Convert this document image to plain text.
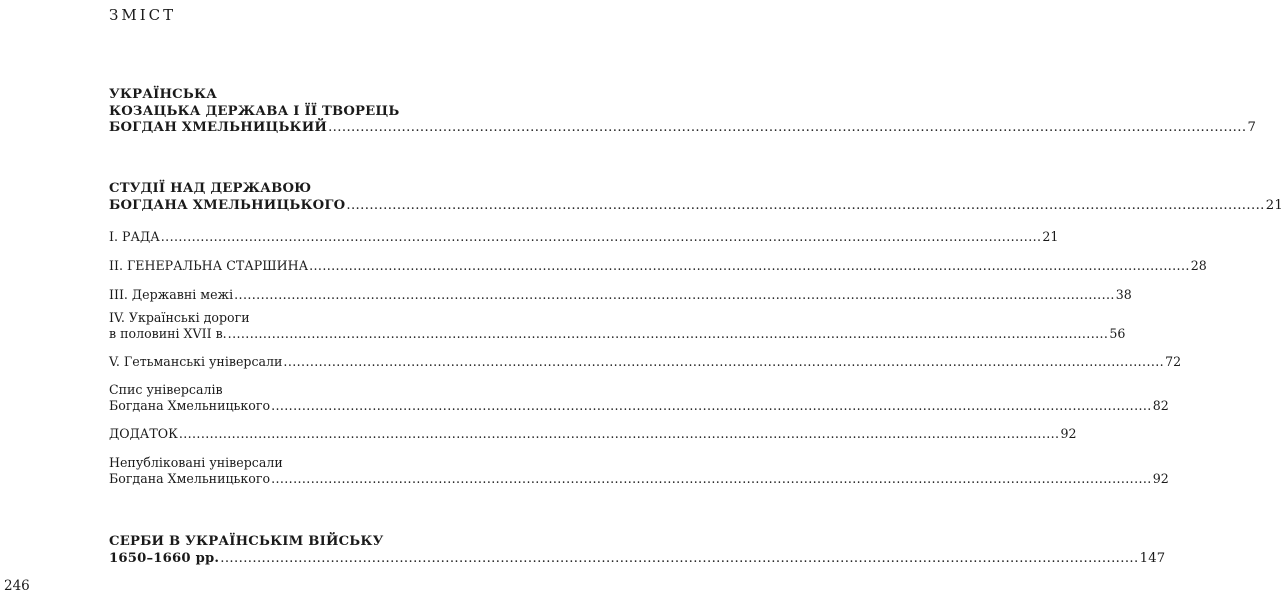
ЗМІСТ
УКРАЇНСЬКА
КОЗАЦЬКА ДЕРЖАВА І ЇЇ ТВОРЕЦЬ
БОГДАН ХМЕЛЬНИЦЬКИЙ ........................................................................................................................................................................................................ 7
СТУДІЇ НАД ДЕРЖАВОЮ
БОГДАНА ХМЕЛЬНИЦЬКОГО ........................................................................................................................................................................................................ 21
І. РАДА ........................................................................................................................................................................................................ 21
ІІ. ГЕНЕРАЛЬНА СТАРШИНА ........................................................................................................................................................................................................ 28
ІІІ. Державні межі ........................................................................................................................................................................................................ 38
IV. Українські дороги
в половині XVII в. ........................................................................................................................................................................................................ 56
V. Гетьманські універсали ........................................................................................................................................................................................................ 72
Спис універсалів
Богдана Хмельницького ........................................................................................................................................................................................................ 82
ДОДАТОК ........................................................................................................................................................................................................ 92
Непубліковані універсали
Богдана Хмельницького ........................................................................................................................................................................................................ 92
СЕРБИ В УКРАЇНСЬКІМ ВІЙСЬКУ
1650–1660 рр. ........................................................................................................................................................................................................ 147
246
